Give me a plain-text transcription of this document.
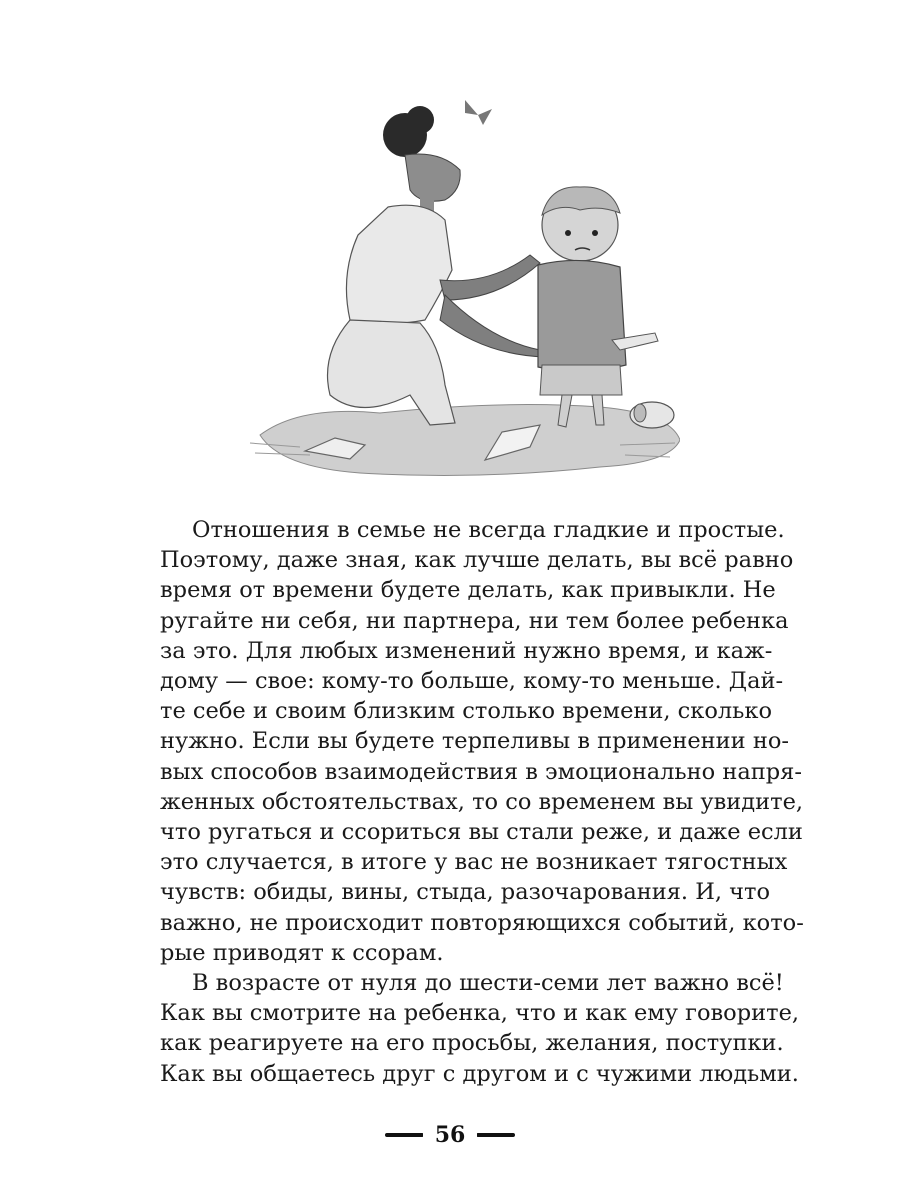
Отношения в семье не всегда гладкие и простые.
Поэтому, даже зная, как лучше делать, вы всё равно
время от времени будете делать, как привыкли. Не
ругайте ни себя, ни партнера, ни тем более ребенка
за это. Для любых изменений нужно время, и каж-
дому — свое: кому-то больше, кому-то меньше. Дай-
те себе и своим близким столько времени, сколько
нужно. Если вы будете терпеливы в применении но-
вых способов взаимодействия в эмоционально напря-
женных обстоятельствах, то со временем вы увидите,
что ругаться и ссориться вы стали реже, и даже если
это случается, в итоге у вас не возникает тягостных
чувств: обиды, вины, стыда, разочарования. И, что
важно, не происходит повторяющихся событий, кото-
рые приводят к ссорам.
В возрасте от нуля до шести-семи лет важно всё!
Как вы смотрите на ребенка, что и как ему говорите,
как реагируете на его просьбы, желания, поступки.
Как вы общаетесь друг с другом и с чужими людьми.
56
